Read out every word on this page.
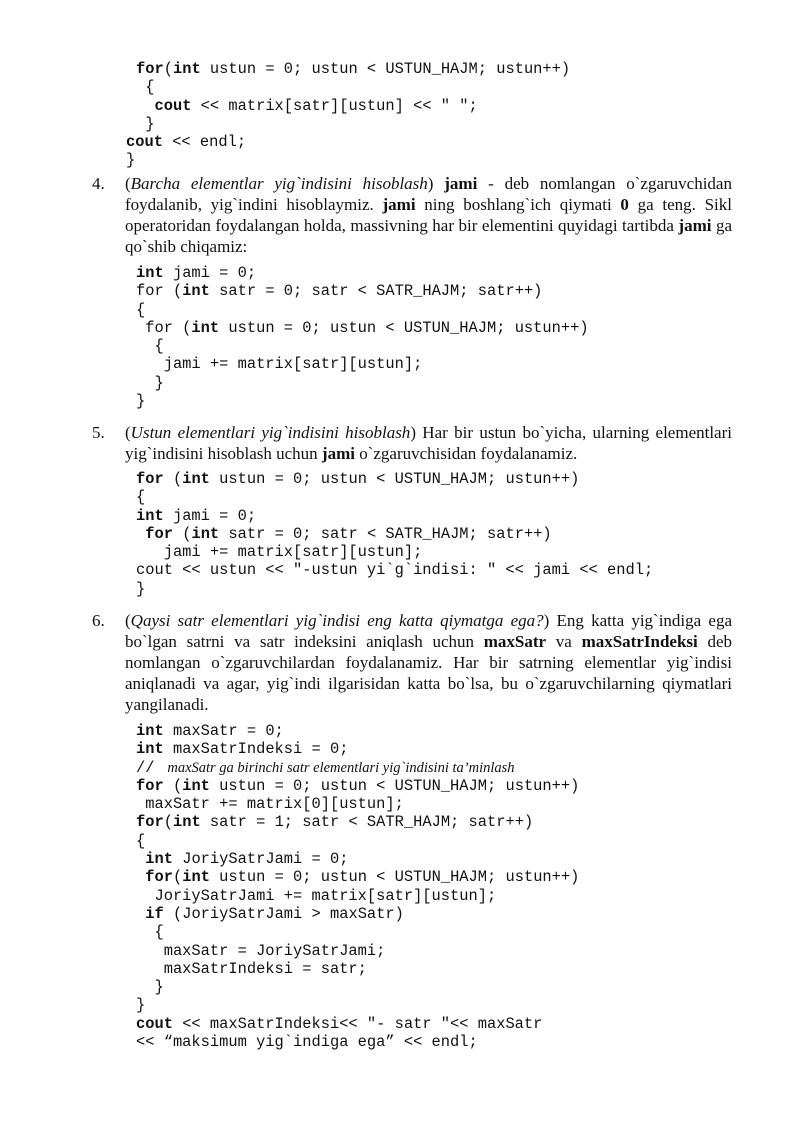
for(int ustun = 0; ustun < USTUN_HAJM; ustun++)
{
cout << matrix[satr][ustun] << " ";
}
cout << endl;
}
4. (Barcha elementlar yig`indisini hisoblash) jami - deb nomlangan o`zgaruvchidan foydalanib, yig`indini hisoblaymiz. jami ning boshlang`ich qiymati 0 ga teng. Sikl operatoridan foydalangan holda, massivning har bir elementini quyidagi tartibda jami ga qo`shib chiqamiz:

int jami = 0;
for (int satr = 0; satr < SATR_HAJM; satr++)
{
for (int ustun = 0; ustun < USTUN_HAJM; ustun++)
{
jami += matrix[satr][ustun];
}
}
5. (Ustun elementlari yig`indisini hisoblash) Har bir ustun bo`yicha, ularning elementlari yig`indisini hisoblash uchun jami o`zgaruvchisidan foydalanamiz.

for (int ustun = 0; ustun < USTUN_HAJM; ustun++)
{
int jami = 0;
for (int satr = 0; satr < SATR_HAJM; satr++)
jami += matrix[satr][ustun];
cout << ustun << "-ustun yi`g`indisi: " << jami << endl;
}
6. (Qaysi satr elementlari yig`indisi eng katta qiymatga ega?) Eng katta yig`indiga ega bo`lgan satrni va satr indeksini aniqlash uchun maxSatr va maxSatrIndeksi deb nomlangan o`zgaruvchilardan foydalanamiz. Har bir satrning elementlar yig`indisi aniqlanadi va agar, yig`indi ilgarisidan katta bo`lsa, bu o`zgaruvchilarning qiymatlari yangilanadi.

int maxSatr = 0;
int maxSatrIndeksi = 0;
//  maxSatr ga birinchi satr elementlari yig`indisini ta’minlash
for (int ustun = 0; ustun < USTUN_HAJM; ustun++)
maxSatr += matrix[0][ustun];
for(int satr = 1; satr < SATR_HAJM; satr++)
{
int JoriySatrJami = 0;
for(int ustun = 0; ustun < USTUN_HAJM; ustun++)
JoriySatrJami += matrix[satr][ustun];
if (JoriySatrJami > maxSatr)
{
maxSatr = JoriySatrJami;
maxSatrIndeksi = satr;
}
}
cout << maxSatrIndeksi<< "- satr "<< maxSatr
<< “maksimum yig`indiga ega” << endl;
